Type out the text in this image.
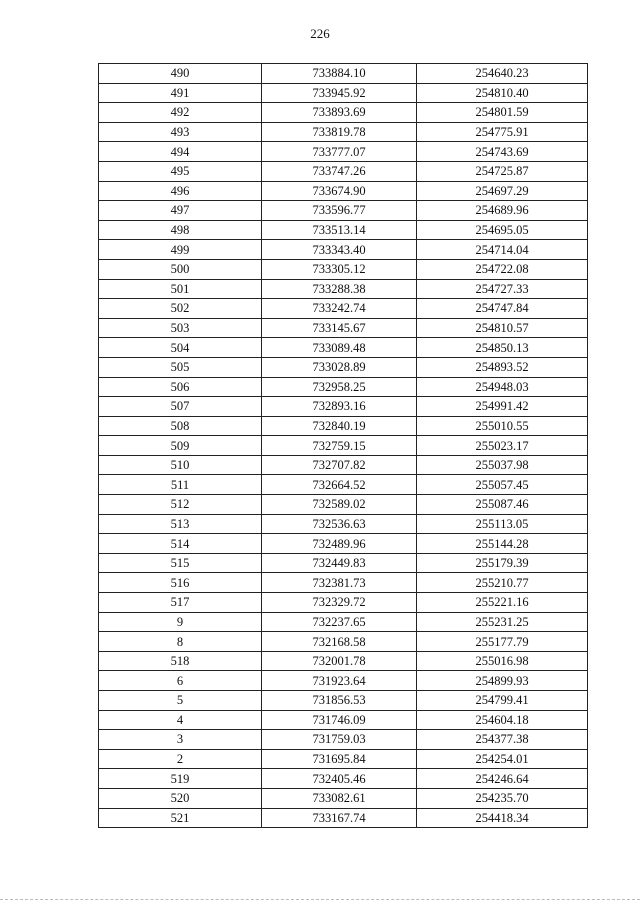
226
490	733884.10	254640.23
491	733945.92	254810.40
492	733893.69	254801.59
493	733819.78	254775.91
494	733777.07	254743.69
495	733747.26	254725.87
496	733674.90	254697.29
497	733596.77	254689.96
498	733513.14	254695.05
499	733343.40	254714.04
500	733305.12	254722.08
501	733288.38	254727.33
502	733242.74	254747.84
503	733145.67	254810.57
504	733089.48	254850.13
505	733028.89	254893.52
506	732958.25	254948.03
507	732893.16	254991.42
508	732840.19	255010.55
509	732759.15	255023.17
510	732707.82	255037.98
511	732664.52	255057.45
512	732589.02	255087.46
513	732536.63	255113.05
514	732489.96	255144.28
515	732449.83	255179.39
516	732381.73	255210.77
517	732329.72	255221.16
9	732237.65	255231.25
8	732168.58	255177.79
518	732001.78	255016.98
6	731923.64	254899.93
5	731856.53	254799.41
4	731746.09	254604.18
3	731759.03	254377.38
2	731695.84	254254.01
519	732405.46	254246.64
520	733082.61	254235.70
521	733167.74	254418.34
